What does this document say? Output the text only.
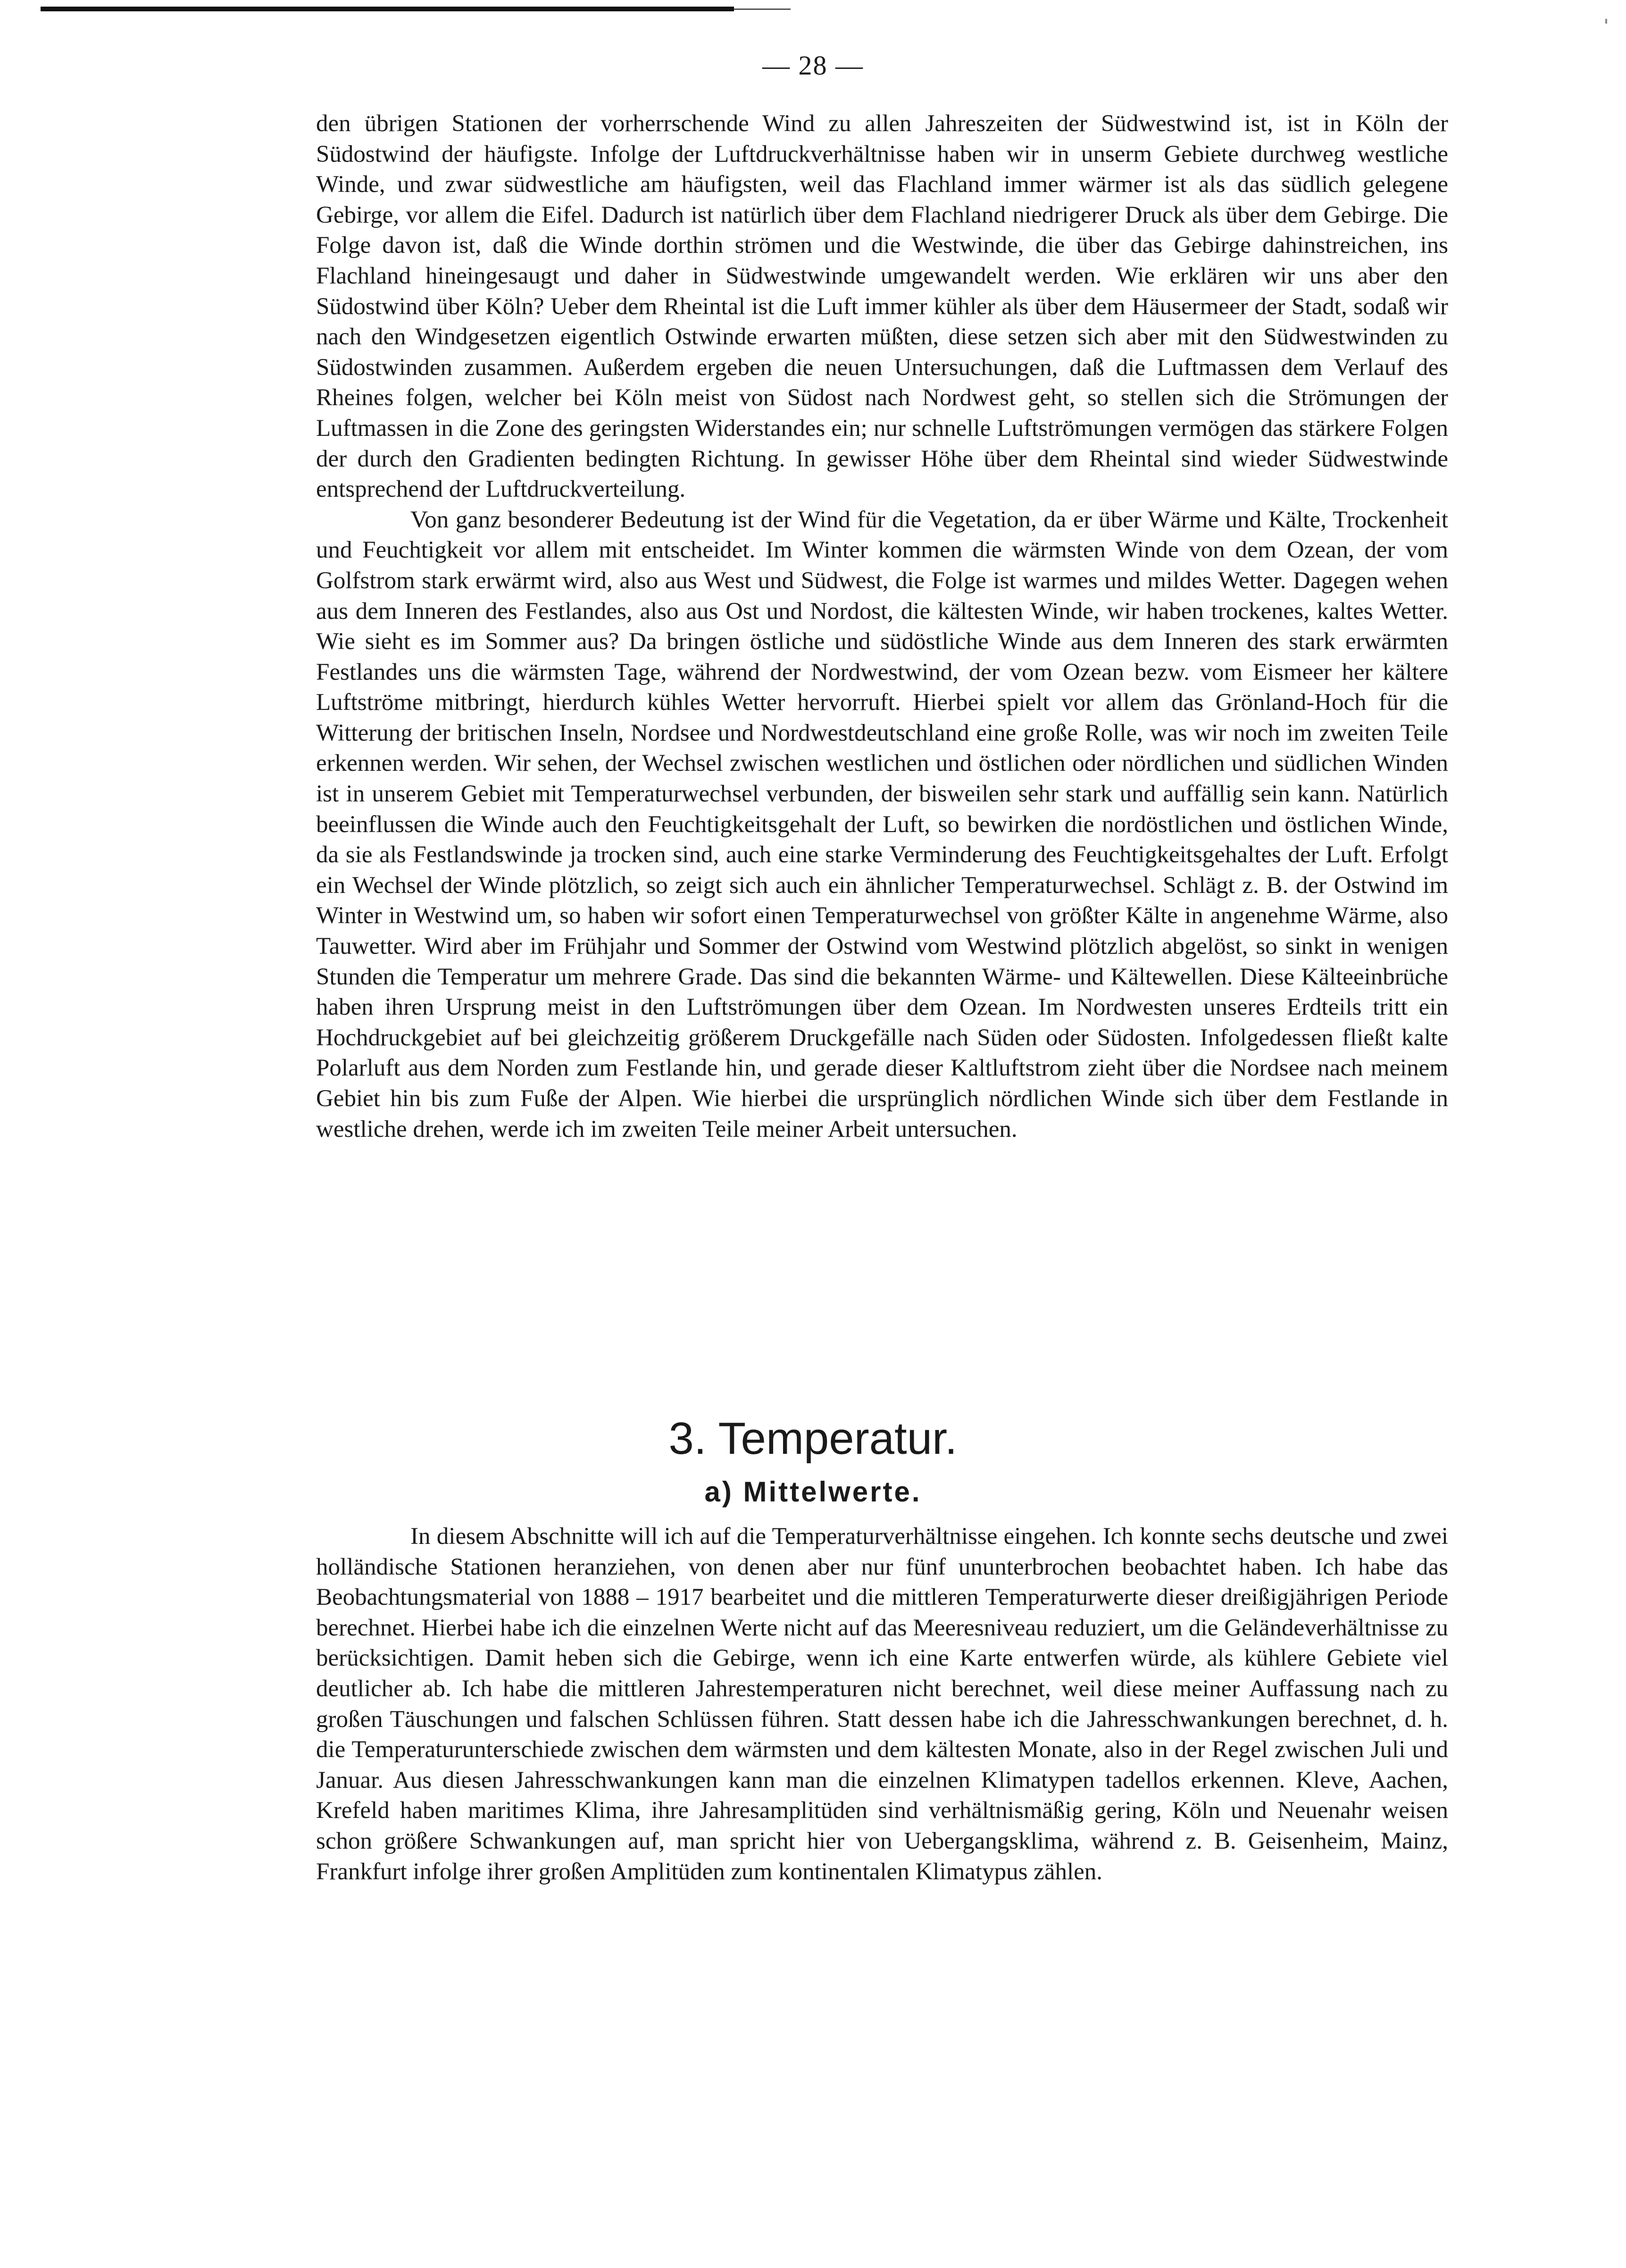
— 28 —

den übrigen Stationen der vorherrschende Wind zu allen Jahreszeiten der Südwestwind ist, ist in Köln der Südostwind der häufigste. Infolge der Luftdruckverhältnisse haben wir in unserm Gebiete durchweg westliche Winde, und zwar südwestliche am häufigsten, weil das Flachland immer wärmer ist als das südlich gelegene Gebirge, vor allem die Eifel. Dadurch ist natürlich über dem Flachland niedrigerer Druck als über dem Gebirge. Die Folge davon ist, daß die Winde dorthin strömen und die Westwinde, die über das Gebirge dahinstreichen, ins Flachland hineingesaugt und daher in Südwestwinde umgewandelt werden. Wie erklären wir uns aber den Südostwind über Köln? Ueber dem Rheintal ist die Luft immer kühler als über dem Häusermeer der Stadt, sodaß wir nach den Windgesetzen eigentlich Ostwinde erwarten müßten, diese setzen sich aber mit den Südwestwinden zu Südostwinden zusammen. Außerdem ergeben die neuen Untersuchungen, daß die Luftmassen dem Verlauf des Rheines folgen, welcher bei Köln meist von Südost nach Nordwest geht, so stellen sich die Strömungen der Luftmassen in die Zone des geringsten Widerstandes ein; nur schnelle Luftströmungen vermögen das stärkere Folgen der durch den Gradienten bedingten Richtung. In gewisser Höhe über dem Rheintal sind wieder Südwestwinde entsprechend der Luftdruckverteilung.

Von ganz besonderer Bedeutung ist der Wind für die Vegetation, da er über Wärme und Kälte, Trockenheit und Feuchtigkeit vor allem mit entscheidet. Im Winter kommen die wärmsten Winde von dem Ozean, der vom Golfstrom stark erwärmt wird, also aus West und Südwest, die Folge ist warmes und mildes Wetter. Dagegen wehen aus dem Inneren des Festlandes, also aus Ost und Nordost, die kältesten Winde, wir haben trockenes, kaltes Wetter. Wie sieht es im Sommer aus? Da bringen östliche und südöstliche Winde aus dem Inneren des stark erwärmten Festlandes uns die wärmsten Tage, während der Nordwestwind, der vom Ozean bezw. vom Eismeer her kältere Luftströme mitbringt, hierdurch kühles Wetter hervorruft. Hierbei spielt vor allem das Grönland-Hoch für die Witterung der britischen Inseln, Nordsee und Nordwestdeutschland eine große Rolle, was wir noch im zweiten Teile erkennen werden. Wir sehen, der Wechsel zwischen westlichen und östlichen oder nördlichen und südlichen Winden ist in unserem Gebiet mit Temperaturwechsel verbunden, der bisweilen sehr stark und auffällig sein kann. Natürlich beeinflussen die Winde auch den Feuchtigkeitsgehalt der Luft, so bewirken die nordöstlichen und östlichen Winde, da sie als Festlandswinde ja trocken sind, auch eine starke Verminderung des Feuchtigkeitsgehaltes der Luft. Erfolgt ein Wechsel der Winde plötzlich, so zeigt sich auch ein ähnlicher Temperaturwechsel. Schlägt z. B. der Ostwind im Winter in Westwind um, so haben wir sofort einen Temperaturwechsel von größter Kälte in angenehme Wärme, also Tauwetter. Wird aber im Frühjahr und Sommer der Ostwind vom Westwind plötzlich abgelöst, so sinkt in wenigen Stunden die Temperatur um mehrere Grade. Das sind die bekannten Wärme- und Kältewellen. Diese Kälteeinbrüche haben ihren Ursprung meist in den Luftströmungen über dem Ozean. Im Nordwesten unseres Erdteils tritt ein Hochdruckgebiet auf bei gleichzeitig größerem Druckgefälle nach Süden oder Südosten. Infolgedessen fließt kalte Polarluft aus dem Norden zum Festlande hin, und gerade dieser Kaltluftstrom zieht über die Nordsee nach meinem Gebiet hin bis zum Fuße der Alpen. Wie hierbei die ursprünglich nördlichen Winde sich über dem Festlande in westliche drehen, werde ich im zweiten Teile meiner Arbeit untersuchen.

3. Temperatur.
a) Mittelwerte.

In diesem Abschnitte will ich auf die Temperaturverhältnisse eingehen. Ich konnte sechs deutsche und zwei holländische Stationen heranziehen, von denen aber nur fünf ununterbrochen beobachtet haben. Ich habe das Beobachtungsmaterial von 1888 – 1917 bearbeitet und die mittleren Temperaturwerte dieser dreißigjährigen Periode berechnet. Hierbei habe ich die einzelnen Werte nicht auf das Meeresniveau reduziert, um die Geländeverhältnisse zu berücksichtigen. Damit heben sich die Gebirge, wenn ich eine Karte entwerfen würde, als kühlere Gebiete viel deutlicher ab. Ich habe die mittleren Jahrestemperaturen nicht berechnet, weil diese meiner Auffassung nach zu großen Täuschungen und falschen Schlüssen führen. Statt dessen habe ich die Jahresschwankungen berechnet, d. h. die Temperaturunterschiede zwischen dem wärmsten und dem kältesten Monate, also in der Regel zwischen Juli und Januar. Aus diesen Jahresschwankungen kann man die einzelnen Klimatypen tadellos erkennen. Kleve, Aachen, Krefeld haben maritimes Klima, ihre Jahresamplitüden sind verhältnismäßig gering, Köln und Neuenahr weisen schon größere Schwankungen auf, man spricht hier von Uebergangsklima, während z. B. Geisenheim, Mainz, Frankfurt infolge ihrer großen Amplitüden zum kontinentalen Klimatypus zählen.
